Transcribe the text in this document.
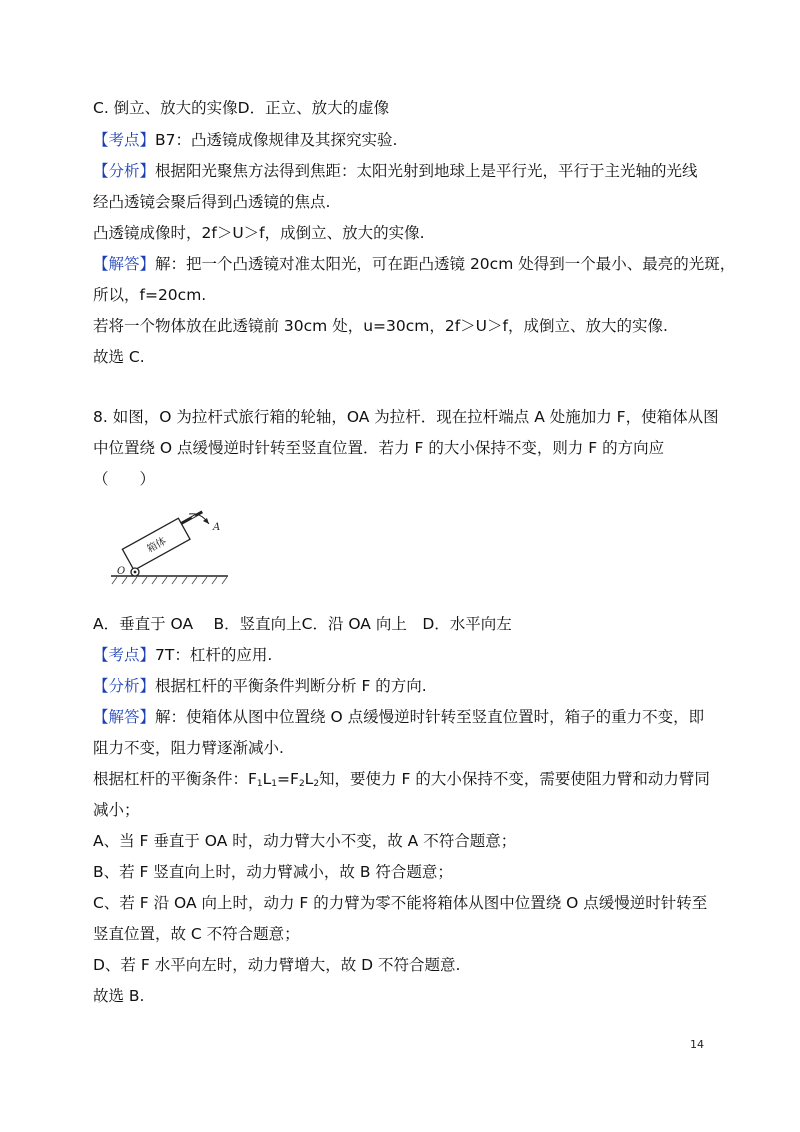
C. 倒立、放大的实像D．正立、放大的虚像
【考点】B7：凸透镜成像规律及其探究实验.
【分析】根据阳光聚焦方法得到焦距：太阳光射到地球上是平行光，平行于主光轴的光线
经凸透镜会聚后得到凸透镜的焦点.
凸透镜成像时，2f＞U＞f，成倒立、放大的实像.
【解答】解：把一个凸透镜对准太阳光，可在距凸透镜 20cm 处得到一个最小、最亮的光斑，
所以，f=20cm.
若将一个物体放在此透镜前 30cm 处，u=30cm，2f＞U＞f，成倒立、放大的实像.
故选 C.
8. 如图，O 为拉杆式旅行箱的轮轴，OA 为拉杆．现在拉杆端点 A 处施加力 F，使箱体从图
中位置绕 O 点缓慢逆时针转至竖直位置．若力 F 的大小保持不变，则力 F 的方向应
（　　）
箱体
A
O
A．垂直于 OA　 B．竖直向上C．沿 OA 向上　D．水平向左
【考点】7T：杠杆的应用.
【分析】根据杠杆的平衡条件判断分析 F 的方向.
【解答】解：使箱体从图中位置绕 O 点缓慢逆时针转至竖直位置时，箱子的重力不变，即
阻力不变，阻力臂逐渐减小.
根据杠杆的平衡条件：$F_1L_1=F_2L_2$知，要使力 F 的大小保持不变，需要使阻力臂和动力臂同
减小；
A、当 F 垂直于 OA 时，动力臂大小不变，故 A 不符合题意；
B、若 F 竖直向上时，动力臂减小，故 B 符合题意；
C、若 F 沿 OA 向上时，动力 F 的力臂为零不能将箱体从图中位置绕 O 点缓慢逆时针转至
竖直位置，故 C 不符合题意；
D、若 F 水平向左时，动力臂增大，故 D 不符合题意.
故选 B.
14
